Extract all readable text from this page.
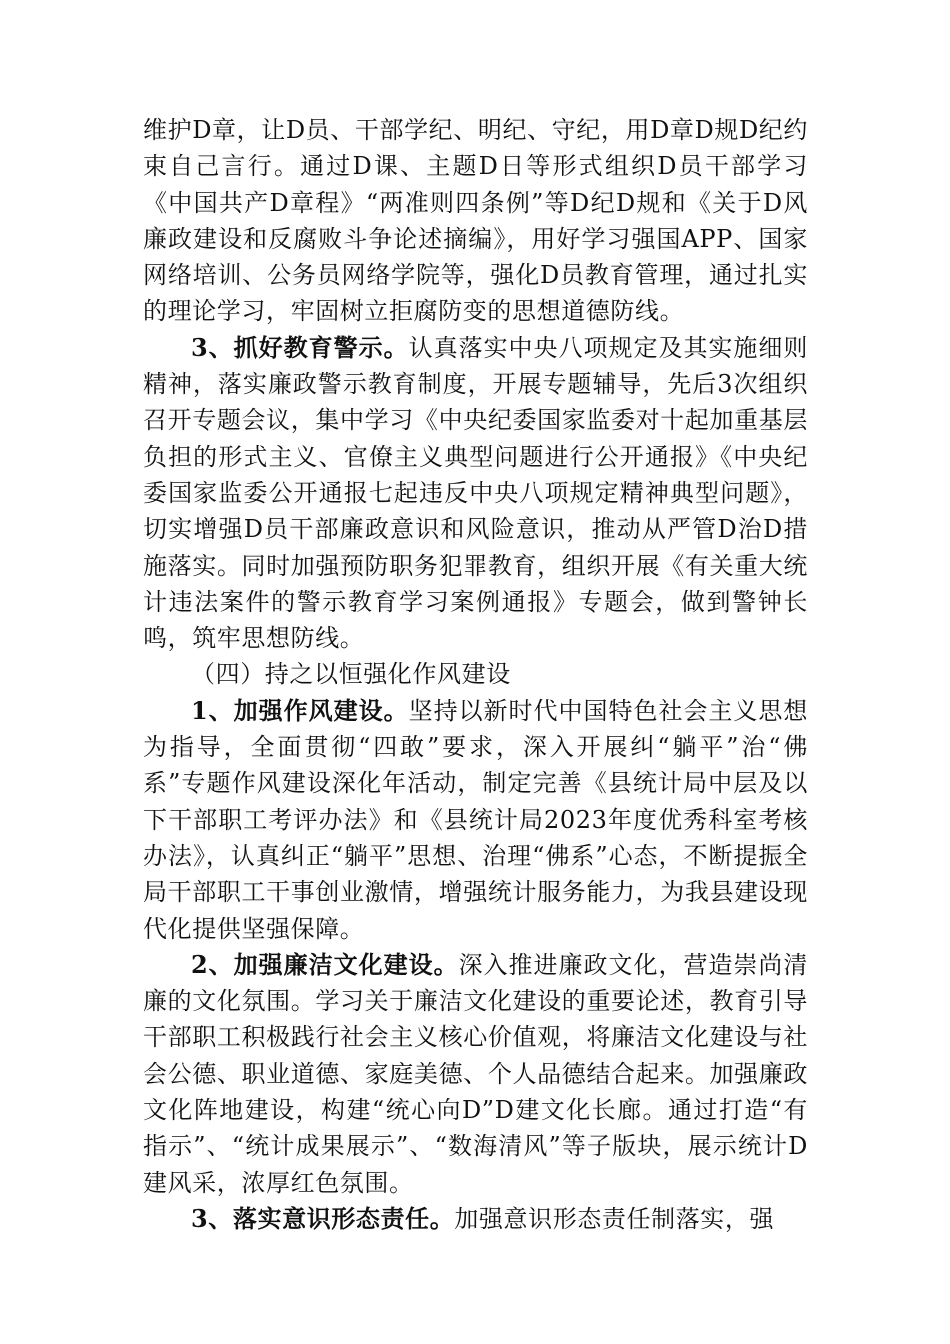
维护D章，让D员、干部学纪、明纪、守纪，用D章D规D纪约束自己言行。通过D课、主题D日等形式组织D员干部学习《中国共产D章程》“两准则四条例”等D纪D规和《关于D风廉政建设和反腐败斗争论述摘编》，用好学习强国APP、国家网络培训、公务员网络学院等，强化D员教育管理，通过扎实的理论学习，牢固树立拒腐防变的思想道德防线。

3、抓好教育警示。认真落实中央八项规定及其实施细则精神，落实廉政警示教育制度，开展专题辅导，先后3次组织召开专题会议，集中学习《中央纪委国家监委对十起加重基层负担的形式主义、官僚主义典型问题进行公开通报》《中央纪委国家监委公开通报七起违反中央八项规定精神典型问题》，切实增强D员干部廉政意识和风险意识，推动从严管D治D措施落实。同时加强预防职务犯罪教育，组织开展《有关重大统计违法案件的警示教育学习案例通报》专题会，做到警钟长鸣，筑牢思想防线。

（四）持之以恒强化作风建设

1、加强作风建设。坚持以新时代中国特色社会主义思想为指导，全面贯彻“四敢”要求，深入开展纠“躺平”治“佛系”专题作风建设深化年活动，制定完善《县统计局中层及以下干部职工考评办法》和《县统计局2023年度优秀科室考核办法》，认真纠正“躺平”思想、治理“佛系”心态，不断提振全局干部职工干事创业激情，增强统计服务能力，为我县建设现代化提供坚强保障。

2、加强廉洁文化建设。深入推进廉政文化，营造崇尚清廉的文化氛围。学习关于廉洁文化建设的重要论述，教育引导干部职工积极践行社会主义核心价值观，将廉洁文化建设与社会公德、职业道德、家庭美德、个人品德结合起来。加强廉政文化阵地建设，构建“统心向D”D建文化长廊。通过打造“有指示”、“统计成果展示”、“数海清风”等子版块，展示统计D建风采，浓厚红色氛围。

3、落实意识形态责任。加强意识形态责任制落实，强
